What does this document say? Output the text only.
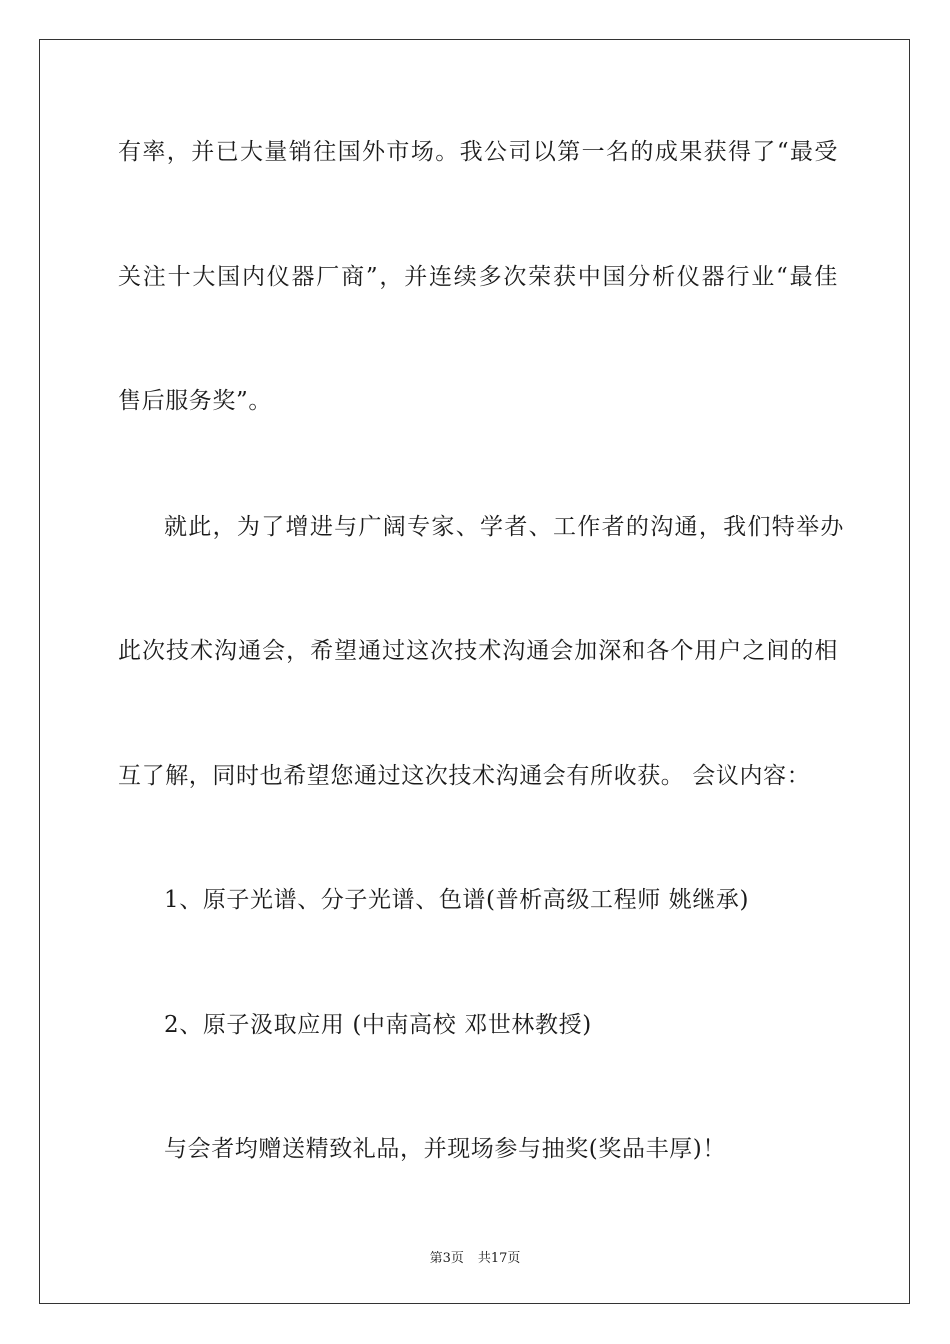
有率，并已大量销往国外市场。我公司以第一名的成果获得了“最受
关注十大国内仪器厂商”，并连续多次荣获中国分析仪器行业“最佳
售后服务奖”。
就此，为了增进与广阔专家、学者、工作者的沟通，我们特举办
此次技术沟通会，希望通过这次技术沟通会加深和各个用户之间的相
互了解，同时也希望您通过这次技术沟通会有所收获。 会议内容：
1、原子光谱、分子光谱、色谱(普析高级工程师 姚继承)
2、原子汲取应用 (中南高校 邓世林教授)
与会者均赠送精致礼品，并现场参与抽奖(奖品丰厚)！
第3页 共17页
